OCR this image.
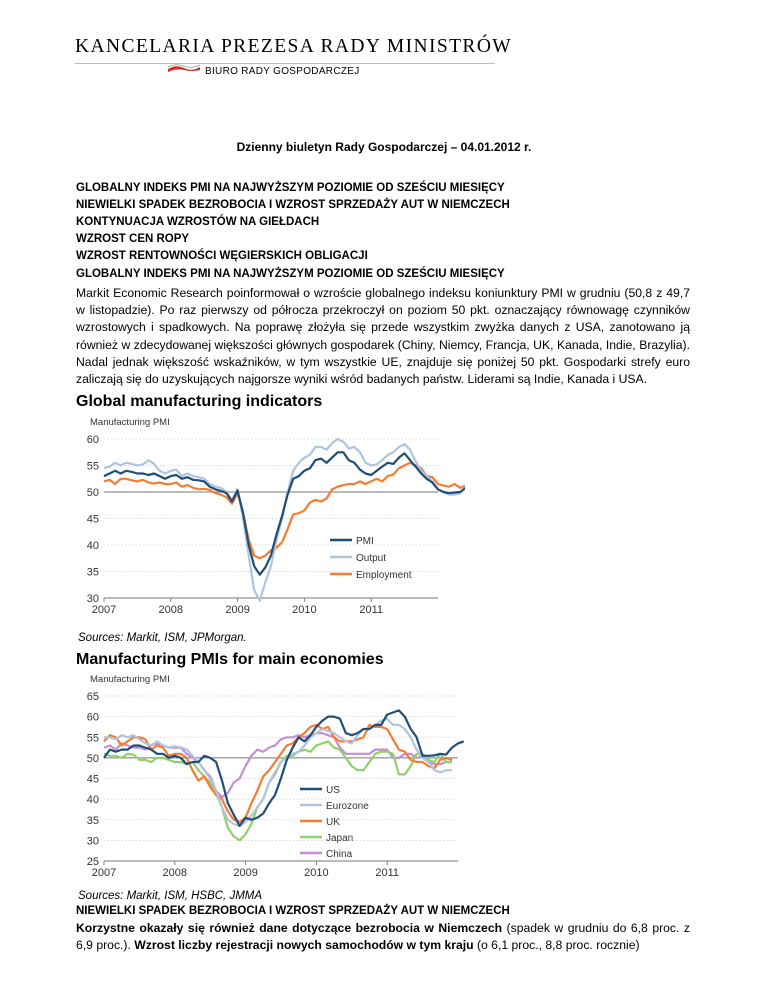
KANCELARIA PREZESA RADY MINISTRÓW
BIURO RADY GOSPODARCZEJ
Dzienny biuletyn Rady Gospodarczej – 04.01.2012 r.
GLOBALNY INDEKS PMI NA NAJWYŻSZYM POZIOMIE OD SZEŚCIU MIESIĘCY
NIEWIELKI SPADEK BEZROBOCIA I WZROST SPRZEDAŻY AUT W NIEMCZECH
KONTYNUACJA WZROSTÓW NA GIEŁDACH
WZROST CEN ROPY
WZROST RENTOWNOŚCI WĘGIERSKICH OBLIGACJI
GLOBALNY INDEKS PMI NA NAJWYŻSZYM POZIOMIE OD SZEŚCIU MIESIĘCY
Markit Economic Research poinformował o wzroście globalnego indeksu koniunktury PMI w grudniu (50,8 z 49,7 w listopadzie). Po raz pierwszy od półrocza przekroczył on poziom 50 pkt. oznaczający równowagę czynników wzrostowych i spadkowych. Na poprawę złożyła się przede wszystkim zwyżka danych z USA, zanotowano ją również w zdecydowanej większości głównych gospodarek (Chiny, Niemcy, Francja, UK, Kanada, Indie, Brazylia). Nadal jednak większość wskaźników, w tym wszystkie UE, znajduje się poniżej 50 pkt. Gospodarki strefy euro zaliczają się do uzyskujących najgorsze wyniki wśród badanych państw. Liderami są Indie, Kanada i USA.
Global manufacturing indicators
Manufacturing PMI
60
55
50
45
40
35
30
2007	2008	2009	2010	2011
PMI
Output
Employment
Sources: Markit, ISM, JPMorgan.
Manufacturing PMIs for main economies
Manufacturing PMI
65
60
55
50
45
40
35
30
25
2007	2008	2009	2010	2011
US
Eurozone
UK
Japan
China
Sources: Markit, ISM, HSBC, JMMA
NIEWIELKI SPADEK BEZROBOCIA I WZROST SPRZEDAŻY AUT W NIEMCZECH
Korzystne okazały się również dane dotyczące bezrobocia w Niemczech (spadek w grudniu do 6,8 proc. z 6,9 proc.). Wzrost liczby rejestracji nowych samochodów w tym kraju (o 6,1 proc., 8,8 proc. rocznie)
